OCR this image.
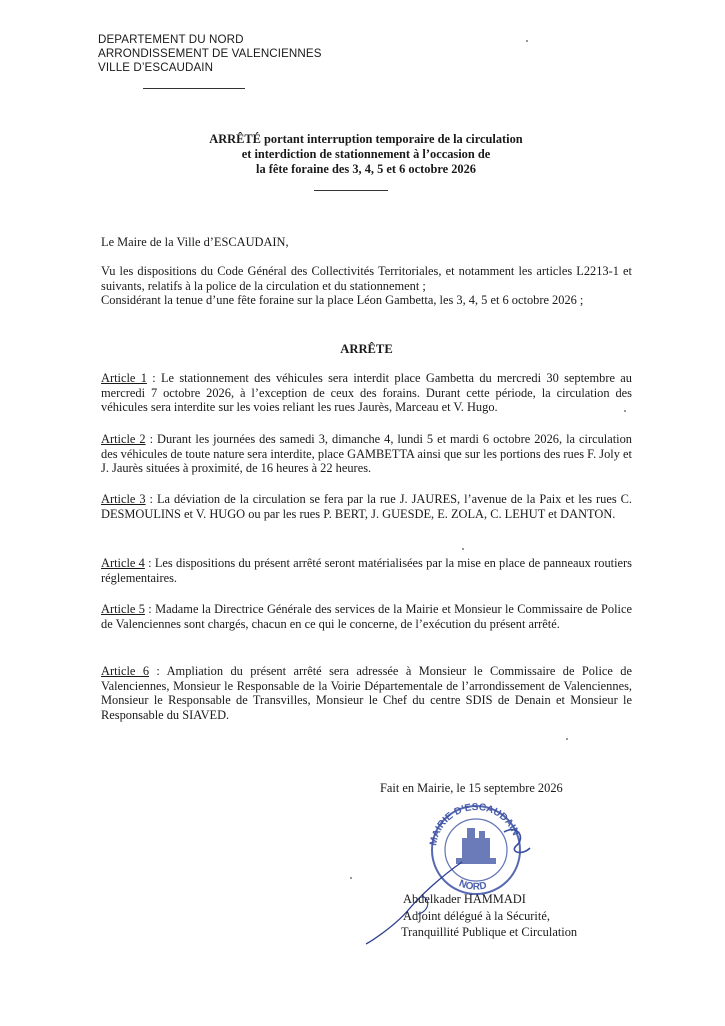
DEPARTEMENT DU NORD
ARRONDISSEMENT DE VALENCIENNES
VILLE D’ESCAUDAIN
ARRÊTÉ portant interruption temporaire de la circulation
et interdiction de stationnement à l’occasion de
la fête foraine des 3, 4, 5 et 6 octobre 2026
Le Maire de la Ville d’ESCAUDAIN,

Vu les dispositions du Code Général des Collectivités Territoriales, et notamment les articles L2213-1 et suivants, relatifs à la police de la circulation et du stationnement ;

Considérant la tenue d’une fête foraine sur la place Léon Gambetta, les 3, 4, 5 et 6 octobre 2026 ;

ARRÊTE
Article 1 : Le stationnement des véhicules sera interdit place Gambetta du mercredi 30 septembre au mercredi 7 octobre 2026, à l’exception de ceux des forains. Durant cette période, la circulation des véhicules sera interdite sur les voies reliant les rues Jaurès, Marceau et V. Hugo.
Article 2 : Durant les journées des samedi 3, dimanche 4, lundi 5 et mardi 6 octobre 2026, la circulation des véhicules de toute nature sera interdite, place GAMBETTA ainsi que sur les portions des rues F. Joly et J. Jaurès situées à proximité, de 16 heures à 22 heures.
Article 3 : La déviation de la circulation se fera par la rue J. JAURES, l’avenue de la Paix et les rues C. DESMOULINS et V. HUGO ou par les rues P. BERT, J. GUESDE, E. ZOLA, C. LEHUT et DANTON.
Article 4 : Les dispositions du présent arrêté seront matérialisées par la mise en place de panneaux routiers réglementaires.
Article 5 : Madame la Directrice Générale des services de la Mairie et Monsieur le Commissaire de Police de Valenciennes sont chargés, chacun en ce qui le concerne, de l’exécution du présent arrêté.
Article 6 : Ampliation du présent arrêté sera adressée à Monsieur le Commissaire de Police de Valenciennes, Monsieur le Responsable de la Voirie Départementale de l’arrondissement de Valenciennes, Monsieur le Responsable de Transvilles, Monsieur le Chef du centre SDIS de Denain et Monsieur le Responsable du SIAVED.
Fait en Mairie, le 15 septembre 2026
MAIRIE D’ESCAUDAIN
NORD
Abdelkader HAMMADI
Adjoint délégué à la Sécurité,
Tranquillité Publique et Circulation
